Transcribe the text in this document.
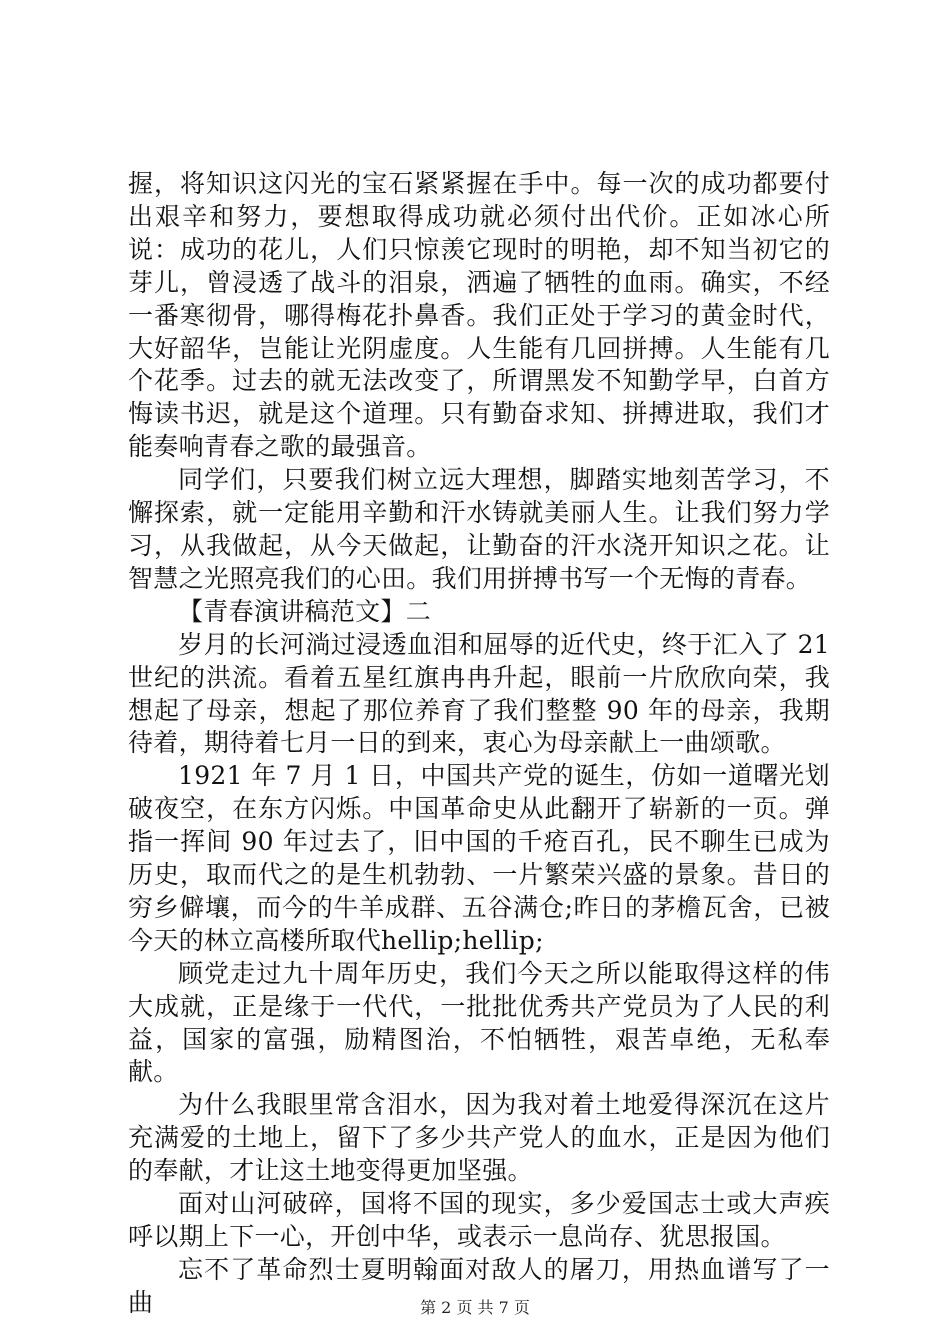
握，将知识这闪光的宝石紧紧握在手中。每一次的成功都要付出艰辛和努力，要想取得成功就必须付出代价。正如冰心所说：成功的花儿，人们只惊羡它现时的明艳，却不知当初它的芽儿，曾浸透了战斗的泪泉，洒遍了牺牲的血雨。确实，不经一番寒彻骨，哪得梅花扑鼻香。我们正处于学习的黄金时代，大好韶华，岂能让光阴虚度。人生能有几回拼搏。人生能有几个花季。过去的就无法改变了，所谓黑发不知勤学早，白首方悔读书迟，就是这个道理。只有勤奋求知、拼搏进取，我们才能奏响青春之歌的最强音。

同学们，只要我们树立远大理想，脚踏实地刻苦学习，不懈探索，就一定能用辛勤和汗水铸就美丽人生。让我们努力学习，从我做起，从今天做起，让勤奋的汗水浇开知识之花。让智慧之光照亮我们的心田。我们用拼搏书写一个无悔的青春。

【青春演讲稿范文】二

岁月的长河淌过浸透血泪和屈辱的近代史，终于汇入了 21 世纪的洪流。看着五星红旗冉冉升起，眼前一片欣欣向荣，我想起了母亲，想起了那位养育了我们整整 90 年的母亲，我期待着，期待着七月一日的到来，衷心为母亲献上一曲颂歌。

1921 年 7 月 1 日，中国共产党的诞生，仿如一道曙光划破夜空，在东方闪烁。中国革命史从此翻开了崭新的一页。弹指一挥间 90 年过去了，旧中国的千疮百孔，民不聊生已成为历史，取而代之的是生机勃勃、一片繁荣兴盛的景象。昔日的穷乡僻壤，而今的牛羊成群、五谷满仓;昨日的茅檐瓦舍，已被今天的林立高楼所取代hellip;hellip;

顾党走过九十周年历史，我们今天之所以能取得这样的伟大成就，正是缘于一代代，一批批优秀共产党员为了人民的利益，国家的富强，励精图治，不怕牺牲，艰苦卓绝，无私奉献。

为什么我眼里常含泪水，因为我对着土地爱得深沉在这片充满爱的土地上，留下了多少共产党人的血水，正是因为他们的奉献，才让这土地变得更加坚强。

面对山河破碎，国将不国的现实，多少爱国志士或大声疾呼以期上下一心，开创中华，或表示一息尚存、犹思报国。

忘不了革命烈士夏明翰面对敌人的屠刀，用热血谱写了一曲	第 2 页 共 7 页
